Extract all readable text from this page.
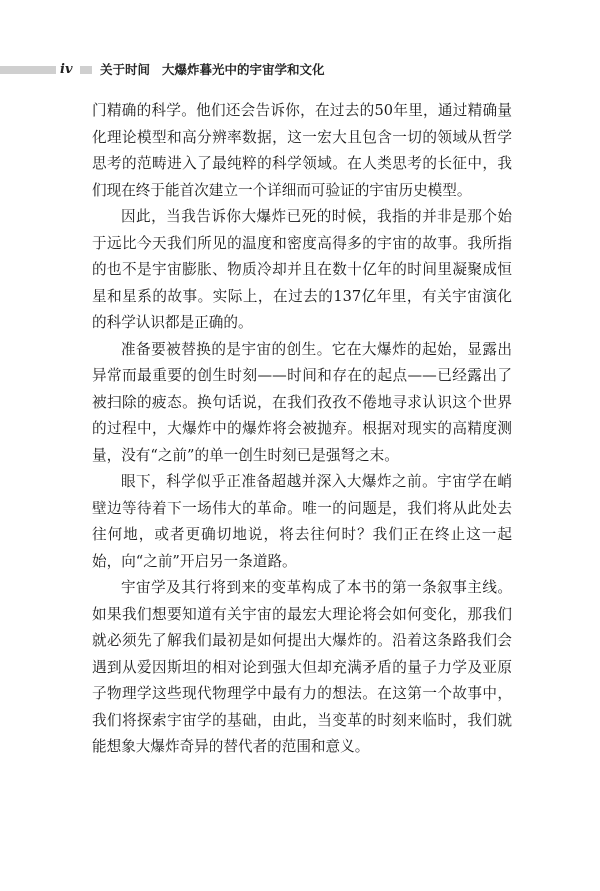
iv 关于时间 大爆炸暮光中的宇宙学和文化

门精确的科学。他们还会告诉你，在过去的50年里，通过精确量化理论模型和高分辨率数据，这一宏大且包含一切的领域从哲学思考的范畴进入了最纯粹的科学领域。在人类思考的长征中，我们现在终于能首次建立一个详细而可验证的宇宙历史模型。

因此，当我告诉你大爆炸已死的时候，我指的并非是那个始于远比今天我们所见的温度和密度高得多的宇宙的故事。我所指的也不是宇宙膨胀、物质冷却并且在数十亿年的时间里凝聚成恒星和星系的故事。实际上，在过去的137亿年里，有关宇宙演化的科学认识都是正确的。

准备要被替换的是宇宙的创生。它在大爆炸的起始，显露出异常而最重要的创生时刻——时间和存在的起点——已经露出了被扫除的疲态。换句话说，在我们孜孜不倦地寻求认识这个世界的过程中，大爆炸中的爆炸将会被抛弃。根据对现实的高精度测量，没有“之前”的单一创生时刻已是强弩之末。

眼下，科学似乎正准备超越并深入大爆炸之前。宇宙学在峭壁边等待着下一场伟大的革命。唯一的问题是，我们将从此处去往何地，或者更确切地说，将去往何时？我们正在终止这一起始，向“之前”开启另一条道路。

宇宙学及其行将到来的变革构成了本书的第一条叙事主线。如果我们想要知道有关宇宙的最宏大理论将会如何变化，那我们就必须先了解我们最初是如何提出大爆炸的。沿着这条路我们会遇到从爱因斯坦的相对论到强大但却充满矛盾的量子力学及亚原子物理学这些现代物理学中最有力的想法。在这第一个故事中，我们将探索宇宙学的基础，由此，当变革的时刻来临时，我们就能想象大爆炸奇异的替代者的范围和意义。
